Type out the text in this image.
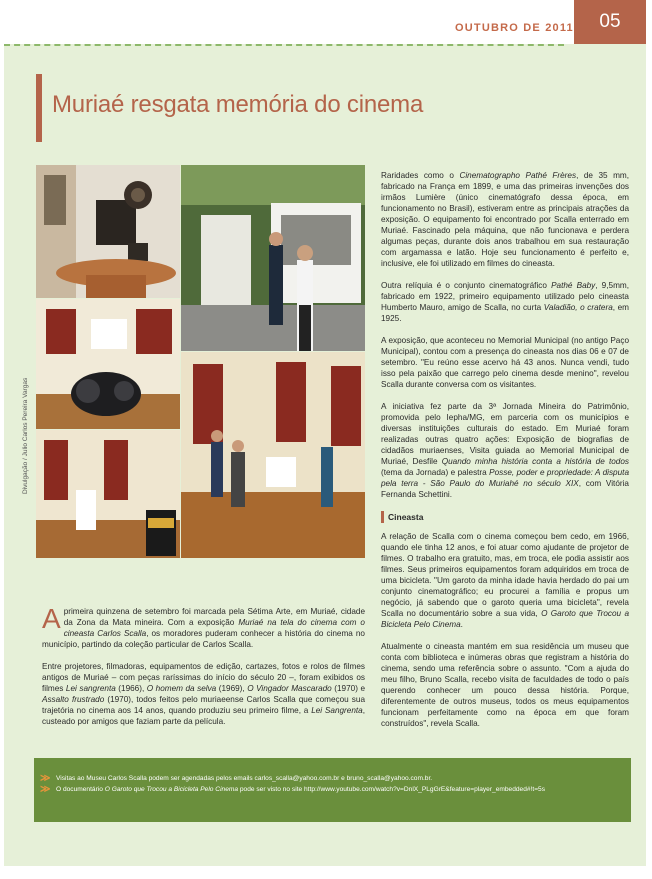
OUTUBRO DE 2011	05
Muriaé resgata memória do cinema
Divulgação / Julio Carlos Pereira Vargas

A primeira quinzena de setembro foi marcada pela Sétima Arte, em Muriaé, cidade da Zona da Mata mineira. Com a exposição Muriaé na tela do cinema com o cineasta Carlos Scalla, os moradores puderam conhecer a história do cinema no município, partindo da coleção particular de Carlos Scalla.

Entre projetores, filmadoras, equipamentos de edição, cartazes, fotos e rolos de filmes antigos de Muriaé – com peças raríssimas do início do século 20 –, foram exibidos os filmes Lei sangrenta (1966), O homem da selva (1969), O Vingador Mascarado (1970) e Assalto frustrado (1970), todos feitos pelo muriaeense Carlos Scalla que começou sua trajetória no cinema aos 14 anos, quando produziu seu primeiro filme, a Lei Sangrenta, custeado por amigos que faziam parte da película.

Raridades como o Cinematographo Pathé Frères, de 35 mm, fabricado na França em 1899, e uma das primeiras invenções dos irmãos Lumière (único cinematógrafo dessa época, em funcionamento no Brasil), estiveram entre as principais atrações da exposição. O equipamento foi encontrado por Scalla enterrado em Muriaé. Fascinado pela máquina, que não funcionava e perdera algumas peças, durante dois anos trabalhou em sua restauração com argamassa e latão. Hoje seu funcionamento é perfeito e, inclusive, ele foi utilizado em filmes do cineasta.

Outra relíquia é o conjunto cinematográfico Pathé Baby, 9,5mm, fabricado em 1922, primeiro equipamento utilizado pelo cineasta Humberto Mauro, amigo de Scalla, no curta Valadião, o cratera, em 1925.

A exposição, que aconteceu no Memorial Municipal (no antigo Paço Municipal), contou com a presença do cineasta nos dias 06 e 07 de setembro. "Eu reúno esse acervo há 43 anos. Nunca vendi, tudo isso pela paixão que carrego pelo cinema desde menino", revelou Scalla durante conversa com os visitantes.

A iniciativa fez parte da 3ª Jornada Mineira do Patrimônio, promovida pelo Iepha/MG, em parceria com os municípios e diversas instituições culturais do estado. Em Muriaé foram realizadas outras quatro ações: Exposição de biografias de cidadãos muriaenses, Visita guiada ao Memorial Municipal de Muriaé, Desfile Quando minha história conta a história de todos (tema da Jornada) e palestra Posse, poder e propriedade: A disputa pela terra - São Paulo do Muriahé no século XIX, com Vitória Fernanda Schettini.

Cineasta

A relação de Scalla com o cinema começou bem cedo, em 1966, quando ele tinha 12 anos, e foi atuar como ajudante de projetor de filmes. O trabalho era gratuito, mas, em troca, ele podia assistir aos filmes. Seus primeiros equipamentos foram adquiridos em troca de uma bicicleta. "Um garoto da minha idade havia herdado do pai um conjunto cinematográfico; eu procurei a família e propus um negócio, já sabendo que o garoto queria uma bicicleta", revela Scalla no documentário sobre a sua vida, O Garoto que Trocou a Bicicleta Pelo Cinema.

Atualmente o cineasta mantém em sua residência um museu que conta com biblioteca e inúmeras obras que registram a história do cinema, sendo uma referência sobre o assunto. "Com a ajuda do meu filho, Bruno Scalla, recebo visita de faculdades de todo o país querendo conhecer um pouco dessa história. Porque, diferentemente de outros museus, todos os meus equipamentos funcionam perfeitamente como na época em que foram construídos", revela Scalla.

≫
≫
Visitas ao Museu Carlos Scalla podem ser agendadas pelos emails carlos_scalla@yahoo.com.br e bruno_scalla@yahoo.com.br.
O documentário O Garoto que Trocou a Bicicleta Pelo Cinema pode ser visto no site http://www.youtube.com/watch?v=DnlX_PLgGrE&feature=player_embedded#!t=5s
